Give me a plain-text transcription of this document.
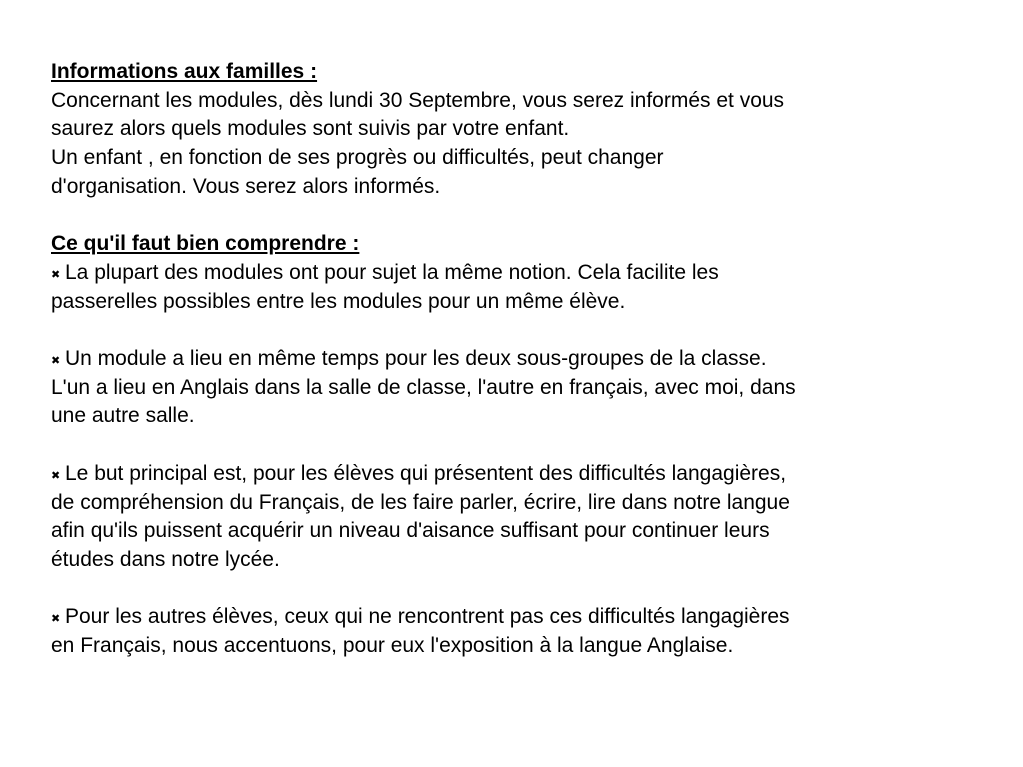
Informations aux familles :
Concernant les modules, dès lundi 30 Septembre, vous serez informés et vous
saurez alors quels modules sont suivis par votre enfant.
Un enfant , en fonction de ses progrès ou difficultés, peut changer
d'organisation. Vous serez alors informés.
Ce qu'il faut bien comprendre :
✖ La plupart des modules ont pour sujet la même notion. Cela facilite les
passerelles possibles entre les modules pour un même élève.
✖ Un module a lieu en même temps pour les deux sous-groupes de la classe.
L'un a lieu en Anglais dans la salle de classe, l'autre en français, avec moi, dans
une autre salle.
✖ Le but principal est, pour les élèves qui présentent des difficultés langagières,
de compréhension du Français, de les faire parler, écrire, lire dans notre langue
afin qu'ils puissent acquérir un niveau d'aisance suffisant pour continuer leurs
études dans notre lycée.
✖ Pour les autres élèves, ceux qui ne rencontrent pas ces difficultés langagières
en Français, nous accentuons, pour eux l'exposition à la langue Anglaise.
